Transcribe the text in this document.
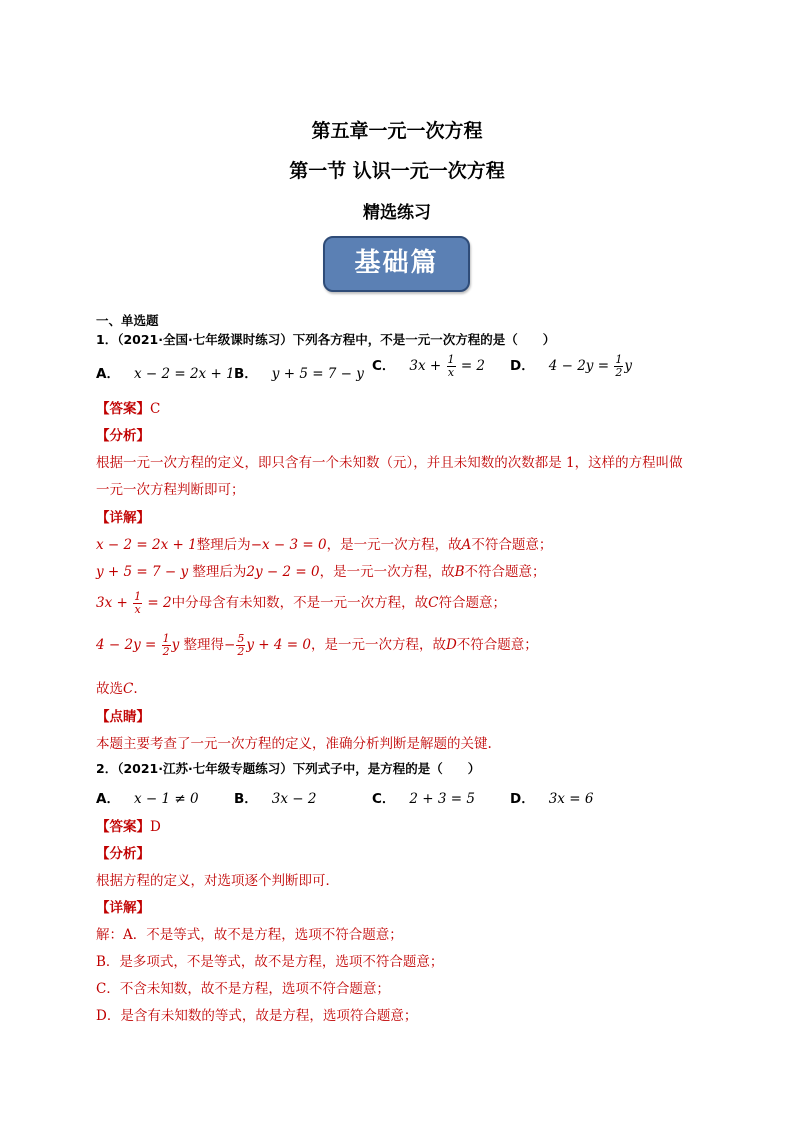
第五章一元一次方程
第一节 认识一元一次方程
精选练习
基础篇
一、单选题
1．（2021·全国·七年级课时练习）下列各方程中，不是一元一次方程的是（　　）
A． x − 2 = 2x + 1 B． y + 5 = 7 − y C． $3x + \frac{1}{x} = 2$ D． $4 - 2y = \frac{1}{2}$ y
【答案】C
【分析】
根据一元一次方程的定义，即只含有一个未知数（元），并且未知数的次数都是 1，这样的方程叫做
一元一次方程判断即可；
【详解】
x − 2 = 2x + 1整理后为−x − 3 = 0，是一元一次方程，故A不符合题意；
y + 5 = 7 − y 整理后为2y − 2 = 0，是一元一次方程，故B不符合题意；
$3x + \frac{1}{x} = 2$中分母含有未知数，不是一元一次方程，故C符合题意；
$4 - 2y = \frac{1}{2}$ y 整理得− $\frac{5}{2}$ y + 4 = 0，是一元一次方程，故D不符合题意；
故选C.
【点睛】
本题主要考查了一元一次方程的定义，准确分析判断是解题的关键.
2．（2021·江苏·七年级专题练习）下列式子中，是方程的是（　　）
A． x − 1 ≠ 0	B． 3x − 2	C． 2 + 3 = 5	D． 3x = 6
【答案】D
【分析】
根据方程的定义，对选项逐个判断即可．
【详解】
解：A．不是等式，故不是方程，选项不符合题意；
B．是多项式，不是等式，故不是方程，选项不符合题意；
C．不含未知数，故不是方程，选项不符合题意；
D．是含有未知数的等式，故是方程，选项符合题意；
